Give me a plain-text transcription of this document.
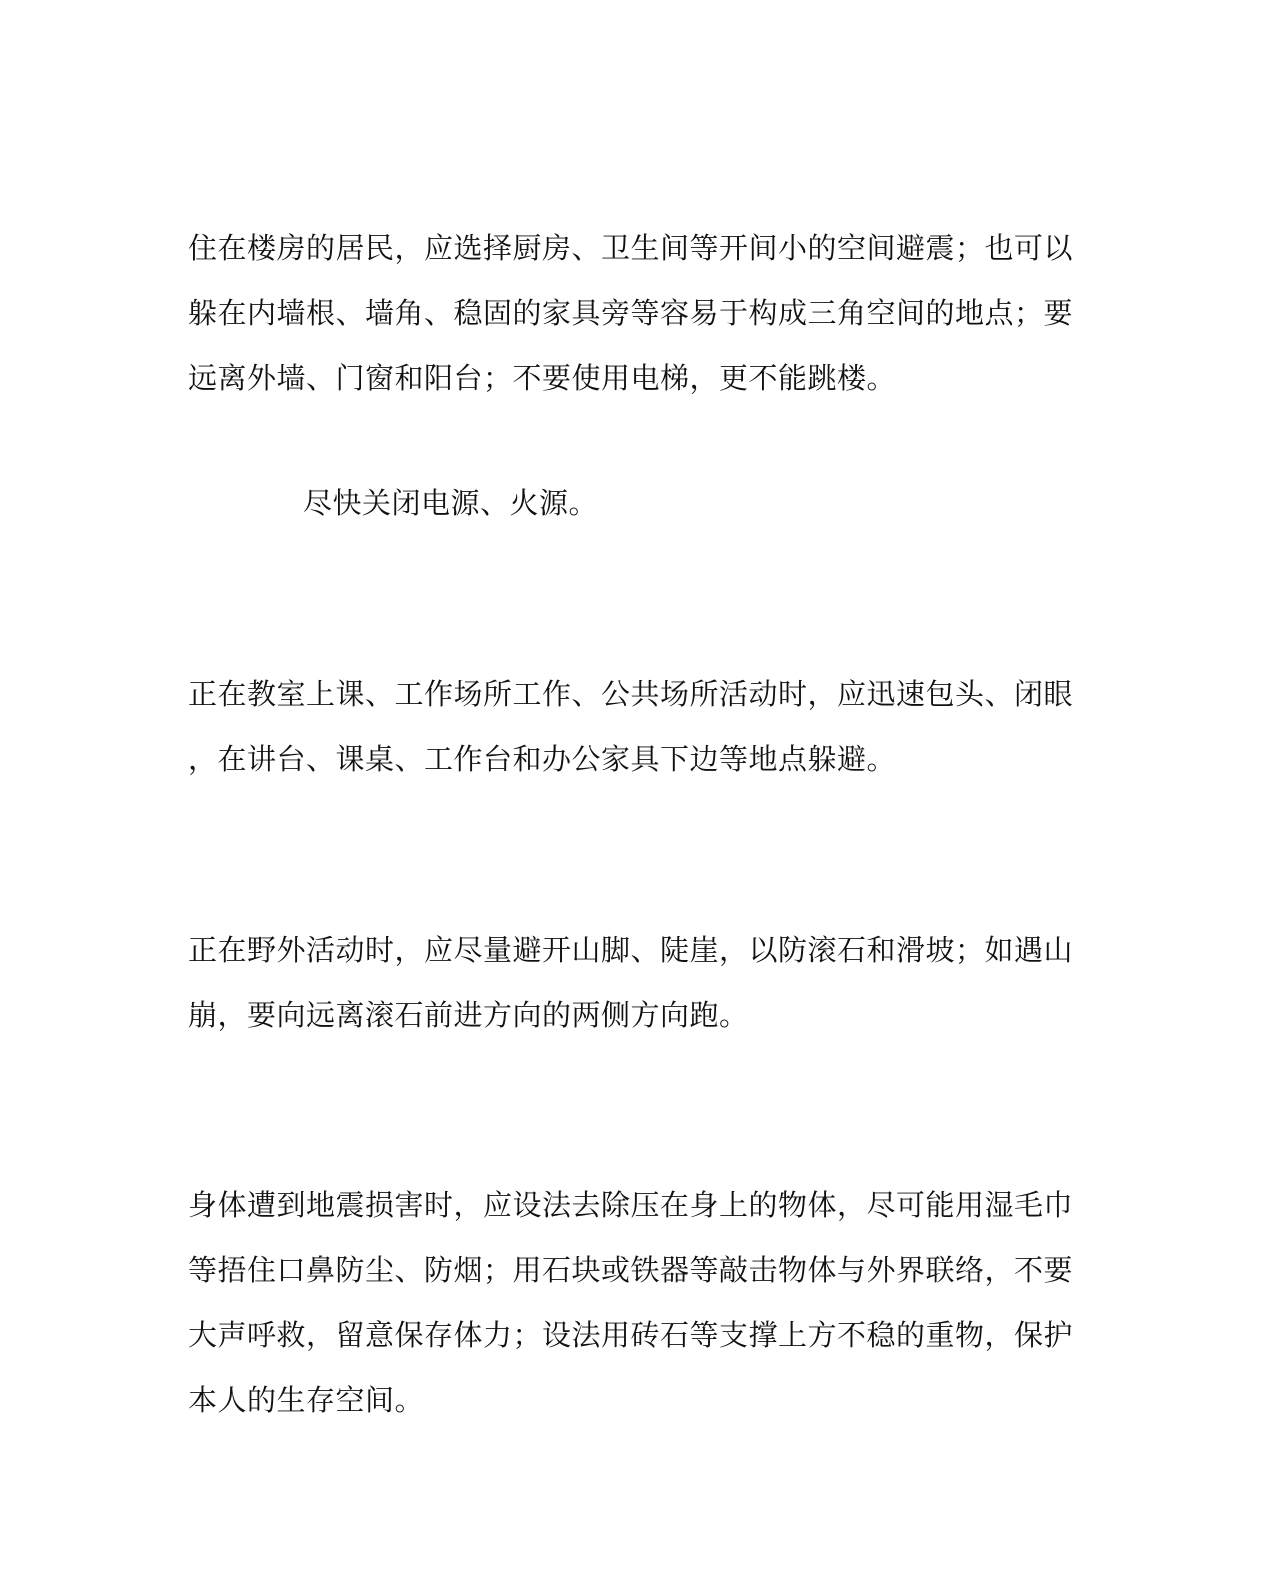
住在楼房的居民，应选择厨房、卫生间等开间小的空间避震；也可以
躲在内墙根、墙角、稳固的家具旁等容易于构成三角空间的地点；要
远离外墙、门窗和阳台；不要使用电梯，更不能跳楼。
尽快关闭电源、火源。
正在教室上课、工作场所工作、公共场所活动时，应迅速包头、闭眼
，在讲台、课桌、工作台和办公家具下边等地点躲避。
正在野外活动时，应尽量避开山脚、陡崖，以防滚石和滑坡；如遇山
崩，要向远离滚石前进方向的两侧方向跑。
身体遭到地震损害时，应设法去除压在身上的物体，尽可能用湿毛巾
等捂住口鼻防尘、防烟；用石块或铁器等敲击物体与外界联络，不要
大声呼救，留意保存体力；设法用砖石等支撑上方不稳的重物，保护
本人的生存空间。
